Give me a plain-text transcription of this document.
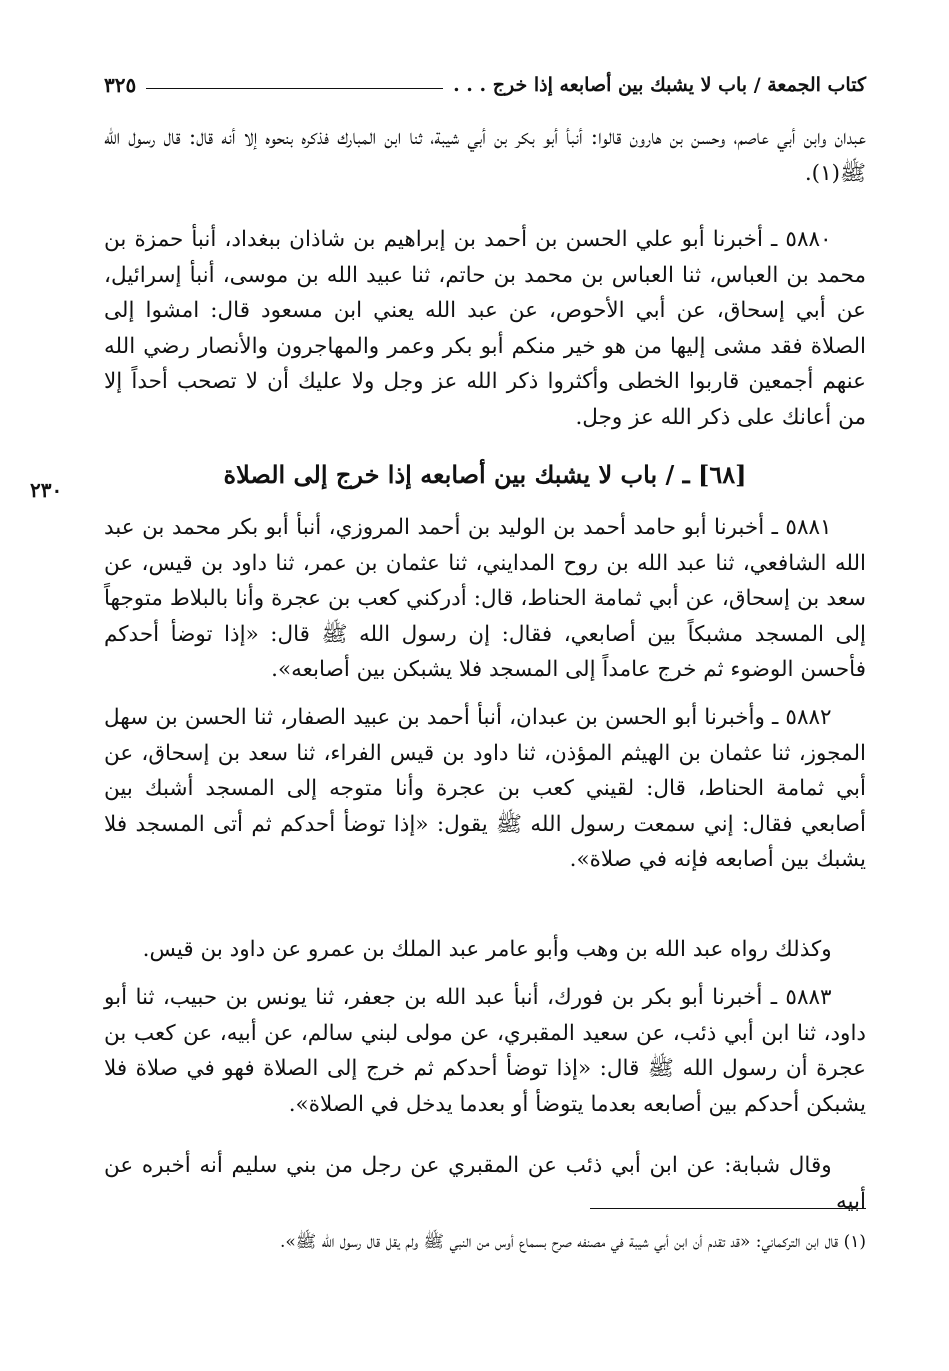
كتاب الجمعة / باب لا يشبك بين أصابعه إذا خرج . . .
٣٢٥

عبدان وابن أبي عاصم، وحسن بن هارون قالوا: أنبأ أبو بكر بن أبي شيبة، ثنا ابن المبارك فذكره بنحوه إلا أنه قال: قال رسول الله ﷺ(١).

٥٨٨٠ ـ أخبرنا أبو علي الحسن بن أحمد بن إبراهيم بن شاذان ببغداد، أنبأ حمزة بن محمد بن العباس، ثنا العباس بن محمد بن حاتم، ثنا عبيد الله بن موسى، أنبأ إسرائيل، عن أبي إسحاق، عن أبي الأحوص، عن عبد الله يعني ابن مسعود قال: امشوا إلى الصلاة فقد مشى إليها من هو خير منكم أبو بكر وعمر والمهاجرون والأنصار رضي الله عنهم أجمعين قاربوا الخطى وأكثروا ذكر الله عز وجل ولا عليك أن لا تصحب أحداً إلا من أعانك على ذكر الله عز وجل.

[٦٨] ـ / باب لا يشبك بين أصابعه إذا خرج إلى الصلاة
٢٣٠

٥٨٨١ ـ أخبرنا أبو حامد أحمد بن الوليد بن أحمد المروزي، أنبأ أبو بكر محمد بن عبد الله الشافعي، ثنا عبد الله بن روح المدايني، ثنا عثمان بن عمر، ثنا داود بن قيس، عن سعد بن إسحاق، عن أبي ثمامة الحناط، قال: أدركني كعب بن عجرة وأنا بالبلاط متوجهاً إلى المسجد مشبكاً بين أصابعي، فقال: إن رسول الله ﷺ قال: «إذا توضأ أحدكم فأحسن الوضوء ثم خرج عامداً إلى المسجد فلا يشبكن بين أصابعه».

٥٨٨٢ ـ وأخبرنا أبو الحسن بن عبدان، أنبأ أحمد بن عبيد الصفار، ثنا الحسن بن سهل المجوز، ثنا عثمان بن الهيثم المؤذن، ثنا داود بن قيس الفراء، ثنا سعد بن إسحاق، عن أبي ثمامة الحناط، قال: لقيني كعب بن عجرة وأنا متوجه إلى المسجد أشبك بين أصابعي فقال: إني سمعت رسول الله ﷺ يقول: «إذا توضأ أحدكم ثم أتى المسجد فلا يشبك بين أصابعه فإنه في صلاة».

وكذلك رواه عبد الله بن وهب وأبو عامر عبد الملك بن عمرو عن داود بن قيس.

٥٨٨٣ ـ أخبرنا أبو بكر بن فورك، أنبأ عبد الله بن جعفر، ثنا يونس بن حبيب، ثنا أبو داود، ثنا ابن أبي ذئب، عن سعيد المقبري، عن مولى لبني سالم، عن أبيه، عن كعب بن عجرة أن رسول الله ﷺ قال: «إذا توضأ أحدكم ثم خرج إلى الصلاة فهو في صلاة فلا يشبكن أحدكم بين أصابعه بعدما يتوضأ أو بعدما يدخل في الصلاة».

وقال شبابة: عن ابن أبي ذئب عن المقبري عن رجل من بني سليم أنه أخبره عن أبيه

(١) قال ابن التركماني: «قد تقدم أن ابن أبي شيبة في مصنفه صرح بسماع أوس من النبي ﷺ ولم يقل قال رسول الله ﷺ».
